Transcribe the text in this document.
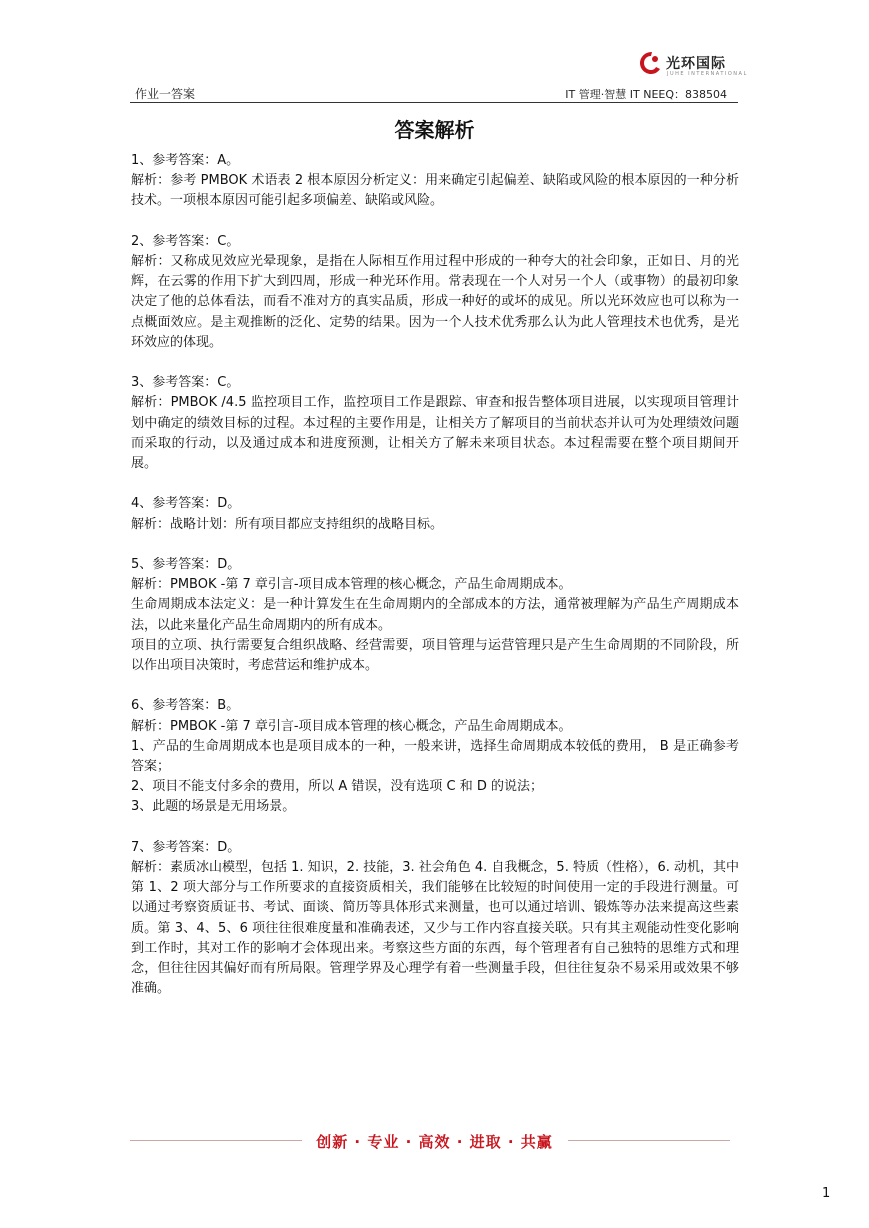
光环国际
JUHE INTERNATIONAL
作业一答案	IT 管理·智慧 IT NEEQ：838504
答案解析

1、参考答案：A。

解析：参考 PMBOK 术语表 2 根本原因分析定义：用来确定引起偏差、缺陷或风险的根本原因的一种分析技术。一项根本原因可能引起多项偏差、缺陷或风险。

2、参考答案：C。

解析：又称成见效应光晕现象，是指在人际相互作用过程中形成的一种夸大的社会印象，正如日、月的光辉，在云雾的作用下扩大到四周，形成一种光环作用。常表现在一个人对另一个人（或事物）的最初印象决定了他的总体看法，而看不准对方的真实品质，形成一种好的或坏的成见。所以光环效应也可以称为一点概面效应。是主观推断的泛化、定势的结果。因为一个人技术优秀那么认为此人管理技术也优秀，是光环效应的体现。

3、参考答案：C。

解析：PMBOK /4.5 监控项目工作，监控项目工作是跟踪、审查和报告整体项目进展，以实现项目管理计划中确定的绩效目标的过程。本过程的主要作用是，让相关方了解项目的当前状态并认可为处理绩效问题而采取的行动，以及通过成本和进度预测，让相关方了解未来项目状态。本过程需要在整个项目期间开展。

4、参考答案：D。

解析：战略计划：所有项目都应支持组织的战略目标。

5、参考答案：D。

解析：PMBOK -第 7 章引言-项目成本管理的核心概念，产品生命周期成本。

生命周期成本法定义：是一种计算发生在生命周期内的全部成本的方法，通常被理解为产品生产周期成本法，以此来量化产品生命周期内的所有成本。

项目的立项、执行需要复合组织战略、经营需要，项目管理与运营管理只是产生生命周期的不同阶段，所以作出项目决策时，考虑营运和维护成本。

6、参考答案：B。

解析：PMBOK -第 7 章引言-项目成本管理的核心概念，产品生命周期成本。

1、产品的生命周期成本也是项目成本的一种，一般来讲，选择生命周期成本较低的费用， B 是正确参考答案；

2、项目不能支付多余的费用，所以 A 错误，没有选项 C 和 D 的说法；

3、此题的场景是无用场景。

7、参考答案：D。

解析：素质冰山模型，包括 1. 知识，2. 技能，3. 社会角色 4. 自我概念，5. 特质（性格），6. 动机，其中第 1、2 项大部分与工作所要求的直接资质相关，我们能够在比较短的时间使用一定的手段进行测量。可以通过考察资质证书、考试、面谈、简历等具体形式来测量，也可以通过培训、锻炼等办法来提高这些素质。第 3、4、5、6 项往往很难度量和准确表述，又少与工作内容直接关联。只有其主观能动性变化影响到工作时，其对工作的影响才会体现出来。考察这些方面的东西，每个管理者有自己独特的思维方式和理念，但往往因其偏好而有所局限。管理学界及心理学有着一些测量手段，但往往复杂不易采用或效果不够准确。

创新 · 专业 · 高效 · 进取 · 共赢
1
